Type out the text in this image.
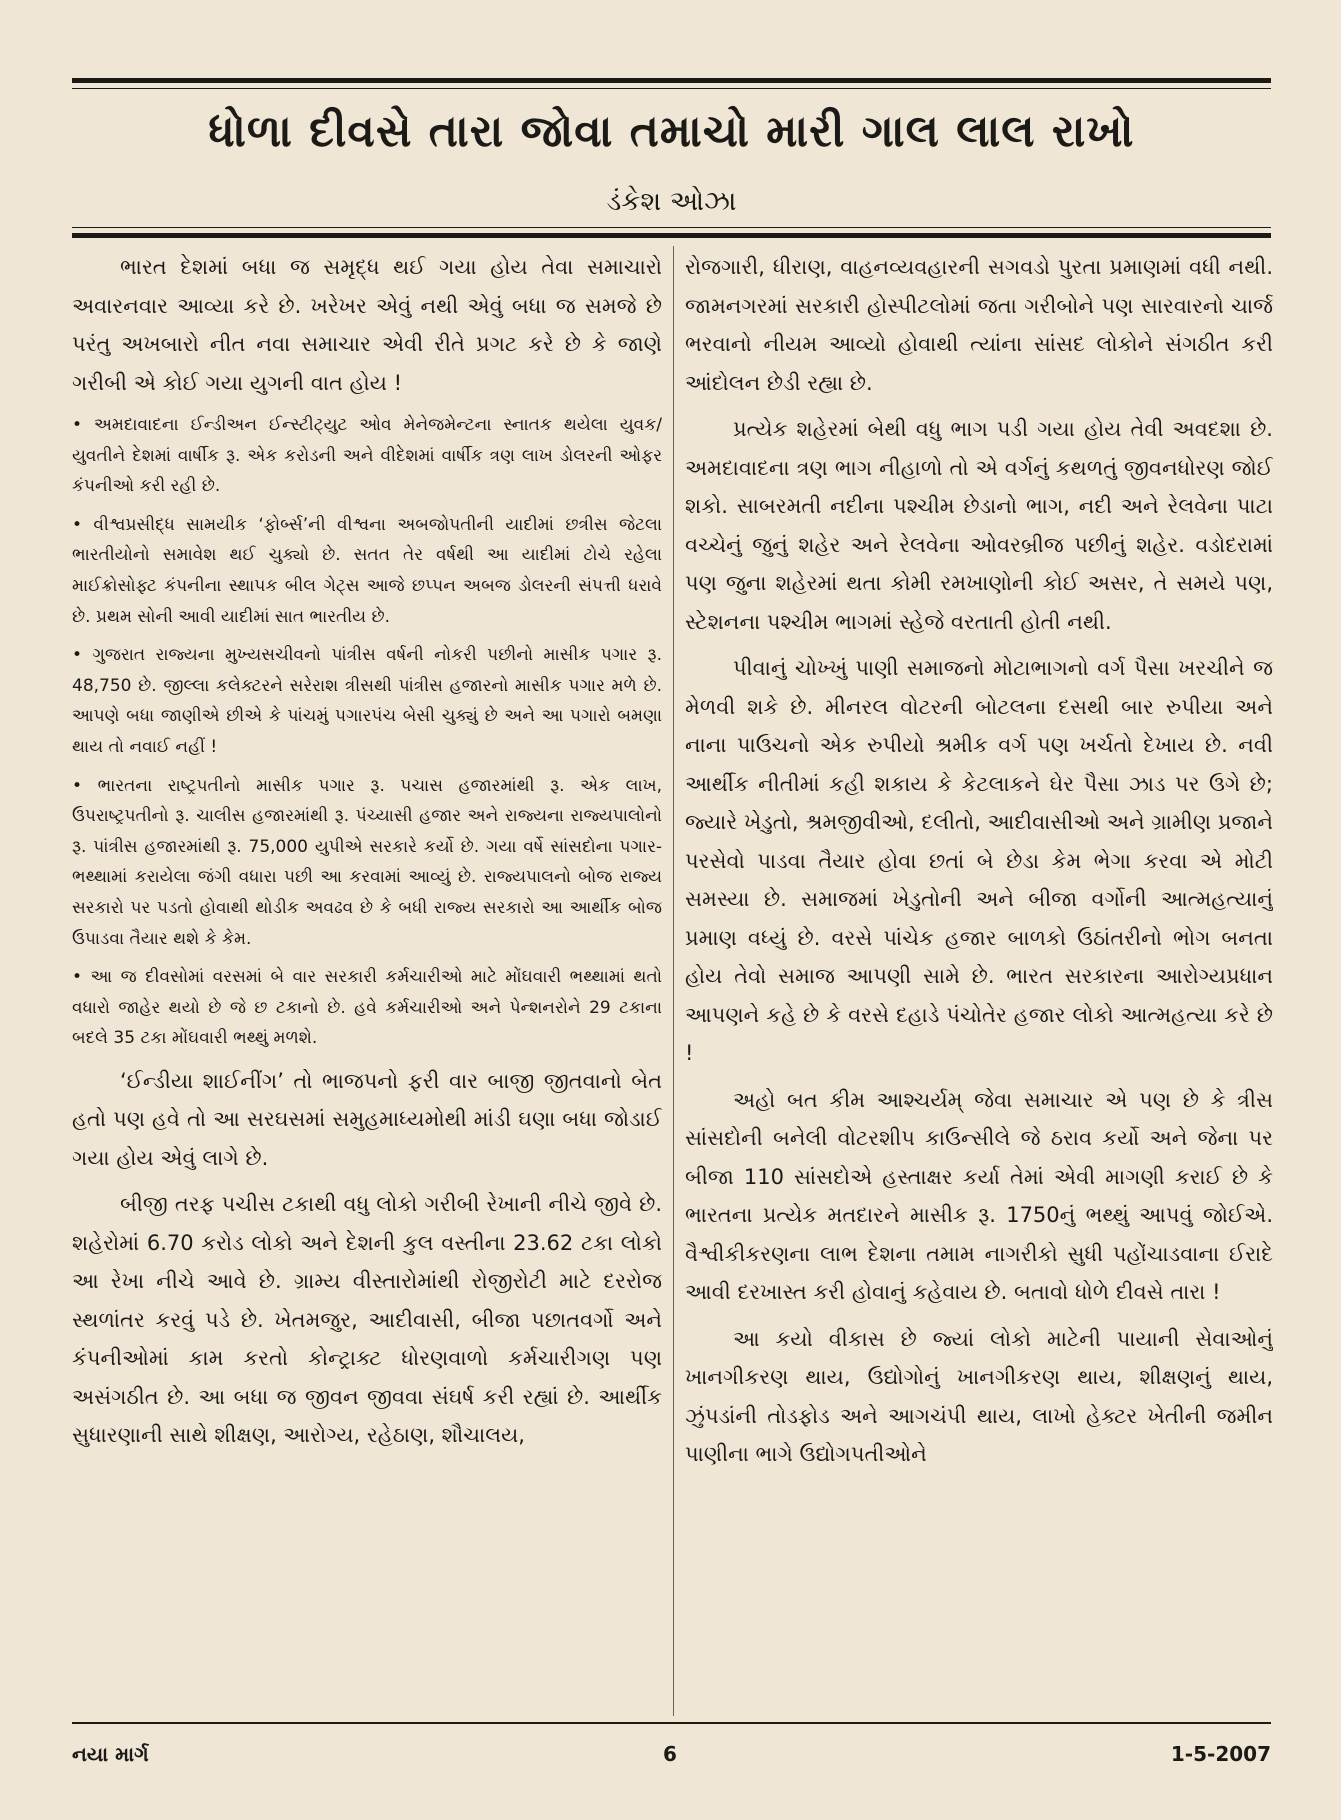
ધોળા દીવસે તારા જોવા તમાચો મારી ગાલ લાલ રાખો
ડંકેશ ઓઝા

ભારત દેશમાં બધા જ સમૃદ્ધ થઈ ગયા હોય તેવા સમાચારો અવારનવાર આવ્યા કરે છે. ખરેખર એવું નથી એવું બધા જ સમજે છે પરંતુ અખબારો નીત નવા સમાચાર એવી રીતે પ્રગટ કરે છે કે જાણે ગરીબી એ કોઈ ગયા યુગની વાત હોય !

• અમદાવાદના ઈન્ડીઅન ઈન્સ્ટીટ્યુટ ઓવ મેનેજમેન્ટના સ્નાતક થયેલા યુવક/યુવતીને દેશમાં વાર્ષીક રૂ. એક કરોડની અને વીદેશમાં વાર્ષીક ત્રણ લાખ ડોલરની ઓફર કંપનીઓ કરી રહી છે.

• વીશ્વપ્રસીદ્ધ સામયીક ‘ફોર્બ્સ’ની વીશ્વના અબજોપતીની યાદીમાં છત્રીસ જેટલા ભારતીયોનો સમાવેશ થઈ ચુક્યો છે. સતત તેર વર્ષથી આ યાદીમાં ટોચે રહેલા માઈક્રોસોફ્ટ કંપનીના સ્થાપક બીલ ગેટ્સ આજે છપ્પન અબજ ડોલરની સંપત્તી ધરાવે છે. પ્રથમ સોની આવી યાદીમાં સાત ભારતીય છે.

• ગુજરાત રાજ્યના મુખ્યસચીવનો પાંત્રીસ વર્ષની નોકરી પછીનો માસીક પગાર રૂ. 48,750 છે. જીલ્લા કલેક્ટરને સરેરાશ ત્રીસથી પાંત્રીસ હજારનો માસીક પગાર મળે છે. આપણે બધા જાણીએ છીએ કે પાંચમું પગારપંચ બેસી ચુક્યું છે અને આ પગારો બમણા થાય તો નવાઈ નહીં !

• ભારતના રાષ્ટ્રપતીનો માસીક પગાર રૂ. પચાસ હજારમાંથી રૂ. એક લાખ, ઉપરાષ્ટ્રપતીનો રૂ. ચાલીસ હજારમાંથી રૂ. પંચ્યાસી હજાર અને રાજ્યના રાજ્યપાલોનો રૂ. પાંત્રીસ હજારમાંથી રૂ. 75,000 યુપીએ સરકારે કર્યો છે. ગયા વર્ષે સાંસદોના પગાર-ભથ્થામાં કરાયેલા જંગી વધારા પછી આ કરવામાં આવ્યું છે. રાજ્યપાલનો બોજ રાજ્ય સરકારો પર પડતો હોવાથી થોડીક અવઢવ છે કે બધી રાજ્ય સરકારો આ આર્થીક બોજ ઉપાડવા તૈયાર થશે કે કેમ.

• આ જ દીવસોમાં વરસમાં બે વાર સરકારી કર્મચારીઓ માટે મોંઘવારી ભથ્થામાં થતો વધારો જાહેર થયો છે જે છ ટકાનો છે. હવે કર્મચારીઓ અને પેન્શનરોને 29 ટકાના બદલે 35 ટકા મોંઘવારી ભથ્થું મળશે.

‘ઈન્ડીયા શાઈનીંગ’ તો ભાજપનો ફરી વાર બાજી જીતવાનો બેત હતો પણ હવે તો આ સરઘસમાં સમુહમાધ્યમોથી માંડી ઘણા બધા જોડાઈ ગયા હોય એવું લાગે છે.

બીજી તરફ પચીસ ટકાથી વધુ લોકો ગરીબી રેખાની નીચે જીવે છે. શહેરોમાં 6.70 કરોડ લોકો અને દેશની કુલ વસ્તીના 23.62 ટકા લોકો આ રેખા નીચે આવે છે. ગ્રામ્ય વીસ્તારોમાંથી રોજીરોટી માટે દરરોજ સ્થળાંતર કરવું પડે છે. ખેતમજુર, આદીવાસી, બીજા પછાતવર્ગો અને કંપનીઓમાં કામ કરતો કોન્ટ્રાક્ટ ધોરણવાળો કર્મચારીગણ પણ અસંગઠીત છે. આ બધા જ જીવન જીવવા સંઘર્ષ કરી રહ્યાં છે. આર્થીક સુધારણાની સાથે શીક્ષણ, આરોગ્ય, રહેઠાણ, શૌચાલય,

રોજગારી, ધીરાણ, વાહનવ્યવહારની સગવડો પુરતા પ્રમાણમાં વધી નથી. જામનગરમાં સરકારી હોસ્પીટલોમાં જતા ગરીબોને પણ સારવારનો ચાર્જ ભરવાનો નીયમ આવ્યો હોવાથી ત્યાંના સાંસદ લોકોને સંગઠીત કરી આંદોલન છેડી રહ્યા છે.

પ્રત્યેક શહેરમાં બેથી વધુ ભાગ પડી ગયા હોય તેવી અવદશા છે. અમદાવાદના ત્રણ ભાગ નીહાળો તો એ વર્ગનું કથળતું જીવનધોરણ જોઈ શકો. સાબરમતી નદીના પશ્ચીમ છેડાનો ભાગ, નદી અને રેલવેના પાટા વચ્ચેનું જુનું શહેર અને રેલવેના ઓવરબ્રીજ પછીનું શહેર. વડોદરામાં પણ જુના શહેરમાં થતા કોમી રમખાણોની કોઈ અસર, તે સમયે પણ, સ્ટેશનના પશ્ચીમ ભાગમાં સ્હેજે વરતાતી હોતી નથી.

પીવાનું ચોખ્ખું પાણી સમાજનો મોટાભાગનો વર્ગ પૈસા ખરચીને જ મેળવી શકે છે. મીનરલ વોટરની બોટલના દસથી બાર રુપીયા અને નાના પાઉચનો એક રુપીયો શ્રમીક વર્ગ પણ ખર્ચતો દેખાય છે. નવી આર્થીક નીતીમાં કહી શકાય કે કેટલાકને ઘેર પૈસા ઝાડ પર ઉગે છે; જ્યારે ખેડુતો, શ્રમજીવીઓ, દલીતો, આદીવાસીઓ અને ગ્રામીણ પ્રજાને પરસેવો પાડવા તૈયાર હોવા છતાં બે છેડા કેમ ભેગા કરવા એ મોટી સમસ્યા છે. સમાજમાં ખેડુતોની અને બીજા વર્ગોની આત્મહત્યાનું પ્રમાણ વધ્યું છે. વરસે પાંચેક હજાર બાળકો ઉઠાંતરીનો ભોગ બનતા હોય તેવો સમાજ આપણી સામે છે. ભારત સરકારના આરોગ્યપ્રધાન આપણને કહે છે કે વરસે દહાડે પંચોતેર હજાર લોકો આત્મહત્યા કરે છે !

અહો બત કીમ આશ્ચર્યમ્ જેવા સમાચાર એ પણ છે કે ત્રીસ સાંસદોની બનેલી વોટરશીપ કાઉન્સીલે જે ઠરાવ કર્યો અને જેના પર બીજા 110 સાંસદોએ હસ્તાક્ષર કર્યા તેમાં એવી માગણી કરાઈ છે કે ભારતના પ્રત્યેક મતદારને માસીક રૂ. 1750નું ભથ્થું આપવું જોઈએ. વૈશ્વીકીકરણના લાભ દેશના તમામ નાગરીકો સુધી પહોંચાડવાના ઈરાદે આવી દરખાસ્ત કરી હોવાનું કહેવાય છે. બતાવો ધોળે દીવસે તારા !

આ કયો વીકાસ છે જ્યાં લોકો માટેની પાયાની સેવાઓનું ખાનગીકરણ થાય, ઉદ્યોગોનું ખાનગીકરણ થાય, શીક્ષણનું થાય, ઝુંપડાંની તોડફોડ અને આગચંપી થાય, લાખો હેક્ટર ખેતીની જમીન પાણીના ભાગે ઉદ્યોગપતીઓને

નયા માર્ગ	6	1-5-2007
